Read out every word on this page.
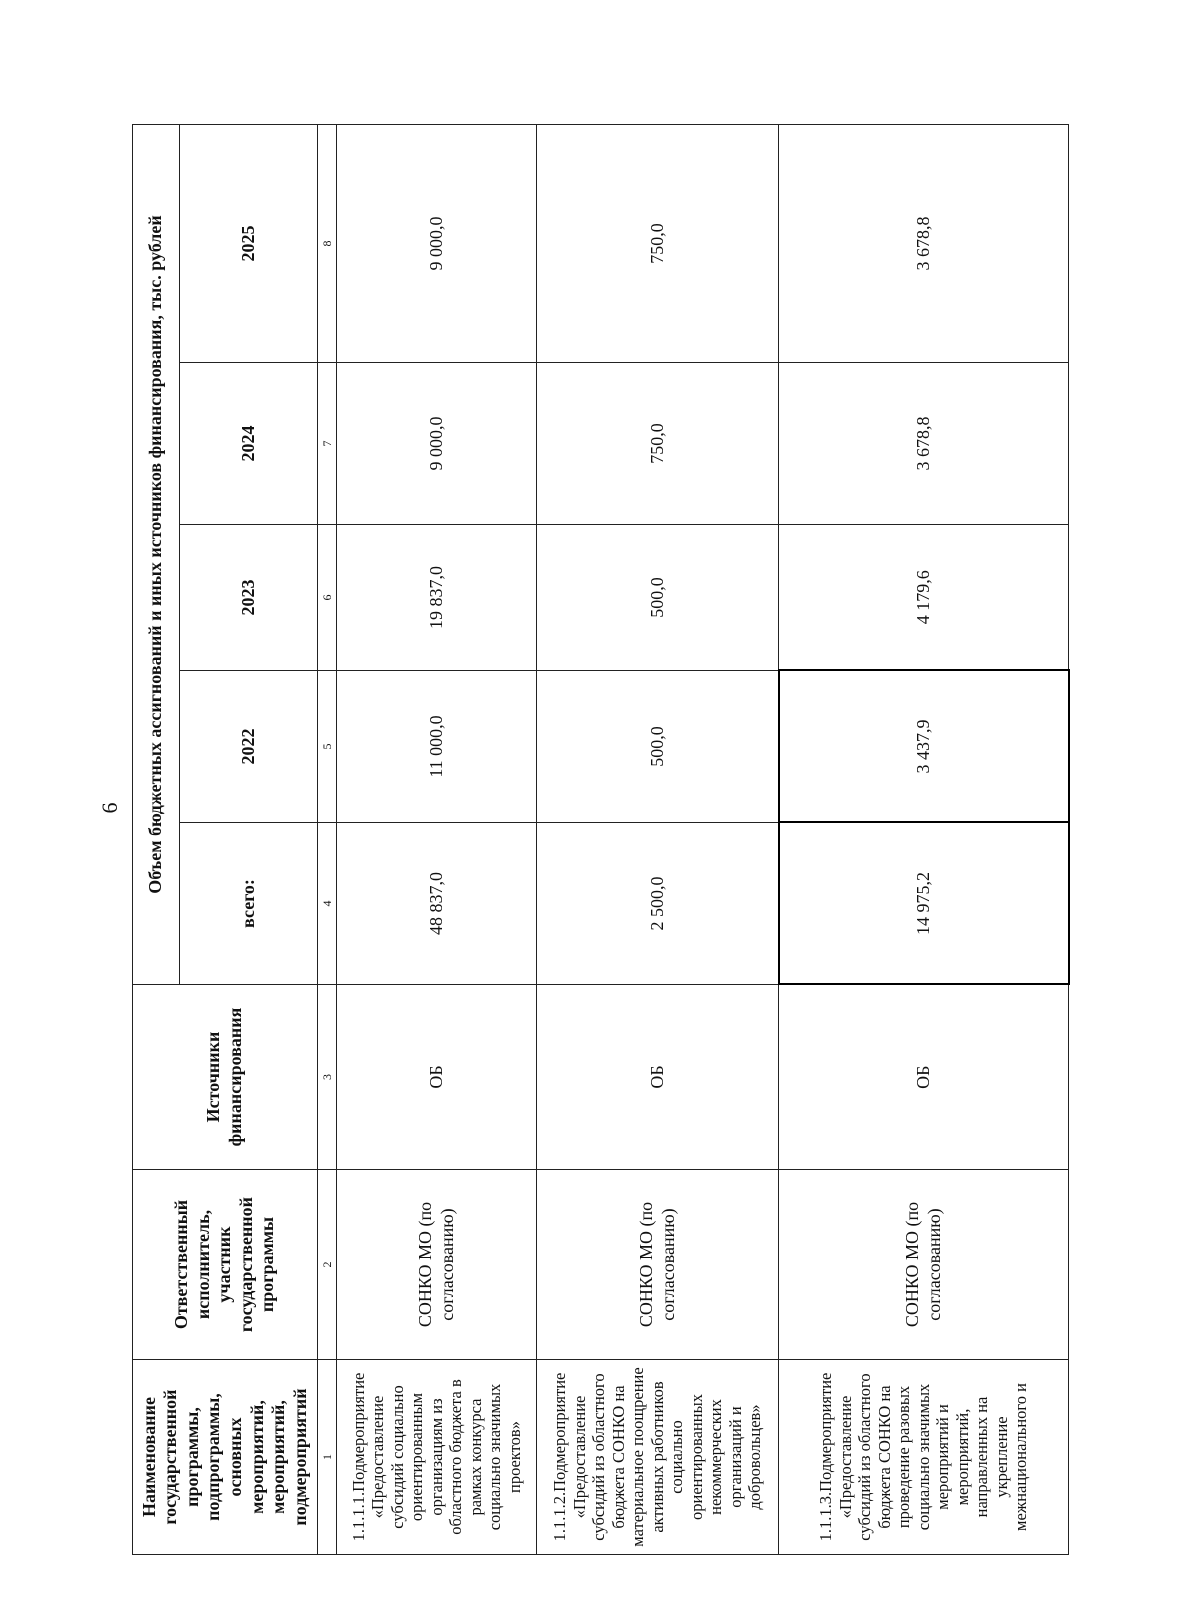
6
Наименование государственной программы, подпрограммы, основных мероприятий, мероприятий, подмероприятий	Ответственный исполнитель, участник государственной программы	Источники финансирования	Объем бюджетных ассигнований и иных источников финансирования, тыс. рублей				
			всего:	2022	2023	2024	2025
1	2	3	4	5	6	7	8
1.1.1.1.Подмероприятие «Предоставление субсидий социально ориентированным организациям из областного бюджета в рамках конкурса социально значимых проектов»	СОНКО МО (по согласованию)	ОБ	48 837,0	11 000,0	19 837,0	9 000,0	9 000,0
1.1.1.2.Подмероприятие «Предоставление субсидий из областного бюджета СОНКО на материальное поощрение активных работников социально ориентированных некоммерческих организаций и добровольцев»	СОНКО МО (по согласованию)	ОБ	2 500,0	500,0	500,0	750,0	750,0
1.1.1.3.Подмероприятие «Предоставление субсидий из областного бюджета СОНКО на проведение разовых социально значимых мероприятий и мероприятий, направленных на укрепление межнационального и	СОНКО МО (по согласованию)	ОБ	14 975,2	3 437,9	4 179,6	3 678,8	3 678,8
